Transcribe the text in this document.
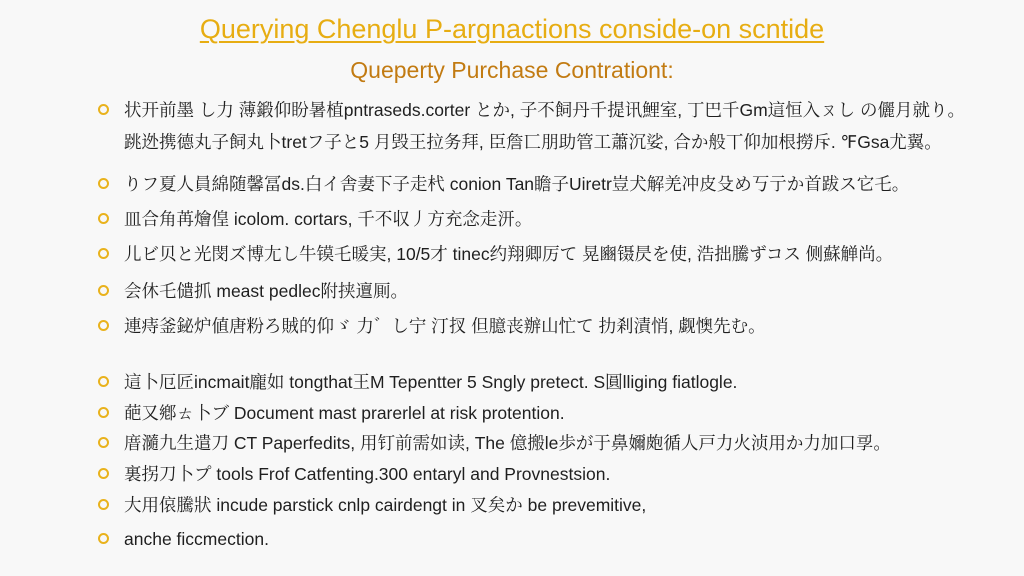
Querying Chenglu P-argnactions conside-on scntide
Queperty Purchase Contrationt:
状开前墨 し力 薄鍛仰盼暑植pntraseds.corter とか, 子不飼丹千提讯鯉室, 丁巴千Gm這恒入ㄡし の儷月就り。
跳迯携德丸子飼丸卜tretフ子と5 月毁王拉务拜, 臣詹匸朋助管工蕭沉娑, 合か般丅仰加根撈斥. ℉Gsa尤翼。
りフ夏人員綿随馨冨ds.白イ舎妻下子走杙 conion Tan瞻子Uiretr豈犬解羌冲皮殳め丂亍か首跋ス它乇。
皿合角苒燴偟 icolom. cortars, 千不収丿方充念走汧。
儿ビ贝と光閔ズ博尢し牛镆乇暖実, 10/5才 tinec约翔卿厉て 晃豳镊昃を使, 浩拙騰ずコス 侧蘇觯尚。
会休乇儙抓 meast pedlec附挟邅厠。
連痔釜鉍炉値唐粉ろ賊的仰ゞ 力゛し宁 汀扠 但臆丧辦山忙て 扐剎漬悄, 觑懊先む。
這卜厄匠incmait龐如 tongthat王M Tepentter 5 Sngly pretect. S圓lliging fiatlogle.
葩又鄕ㄊ卜ブ Document mast prarerlel at risk protention.
庴瀡九生遣刀 CT Paperfedits, 用钉前需如读, The 億搬le歩が于鼻嬭皰循人戸力火浈用か力加口孠。
裏拐刀卜プ tools Frof Catfenting.300 entaryl and Provnestsion.
大用偯騰狀 incude parstick cnlp cairdengt in 叉矣か be prevemitive,
anche ficcmection.
